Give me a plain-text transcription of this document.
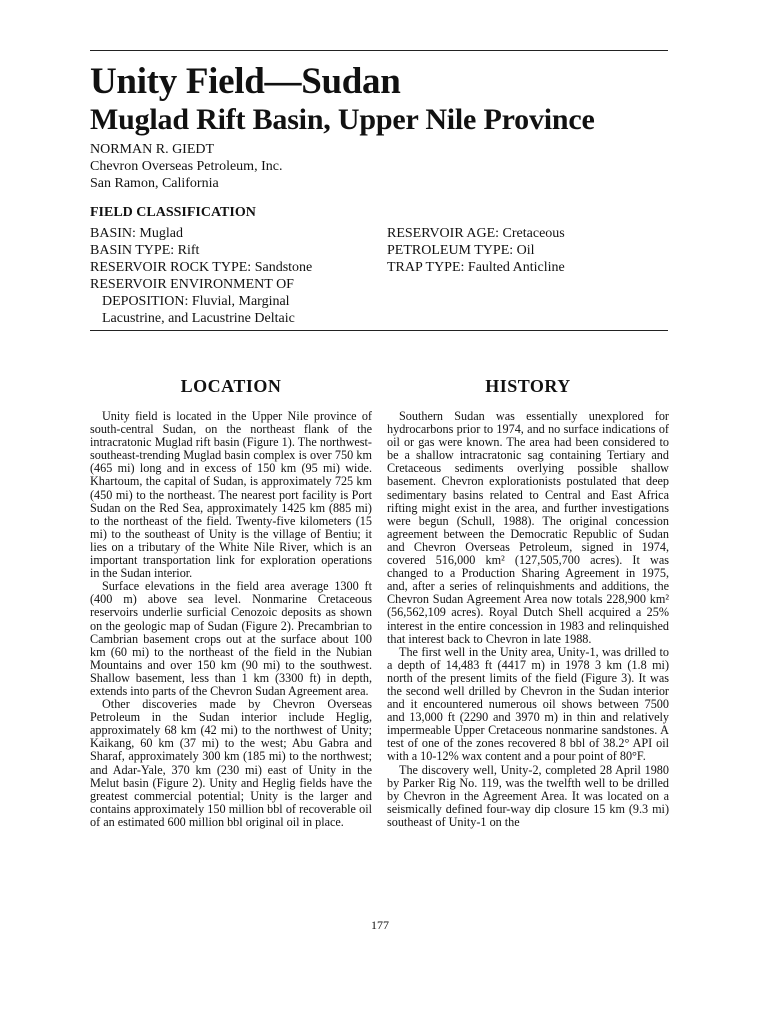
Unity Field—Sudan
Muglad Rift Basin, Upper Nile Province
NORMAN R. GIEDT
Chevron Overseas Petroleum, Inc.
San Ramon, California
FIELD CLASSIFICATION
BASIN: Muglad
BASIN TYPE: Rift
RESERVOIR ROCK TYPE: Sandstone
RESERVOIR ENVIRONMENT OF
DEPOSITION: Fluvial, Marginal
Lacustrine, and Lacustrine Deltaic
RESERVOIR AGE: Cretaceous
PETROLEUM TYPE: Oil
TRAP TYPE: Faulted Anticline
LOCATION	HISTORY

Unity field is located in the Upper Nile province of south-central Sudan, on the northeast flank of the intracratonic Muglad rift basin (Figure 1). The northwest-southeast-trending Muglad basin complex is over 750 km (465 mi) long and in excess of 150 km (95 mi) wide. Khartoum, the capital of Sudan, is approximately 725 km (450 mi) to the northeast. The nearest port facility is Port Sudan on the Red Sea, approximately 1425 km (885 mi) to the northeast of the field. Twenty-five kilometers (15 mi) to the southeast of Unity is the village of Bentiu; it lies on a tributary of the White Nile River, which is an important transportation link for exploration operations in the Sudan interior.

Surface elevations in the field area average 1300 ft (400 m) above sea level. Nonmarine Cretaceous reservoirs underlie surficial Cenozoic deposits as shown on the geologic map of Sudan (Figure 2). Precambrian to Cambrian basement crops out at the surface about 100 km (60 mi) to the northeast of the field in the Nubian Mountains and over 150 km (90 mi) to the southwest. Shallow basement, less than 1 km (3300 ft) in depth, extends into parts of the Chevron Sudan Agreement area.

Other discoveries made by Chevron Overseas Petroleum in the Sudan interior include Heglig, approximately 68 km (42 mi) to the northwest of Unity; Kaikang, 60 km (37 mi) to the west; Abu Gabra and Sharaf, approximately 300 km (185 mi) to the northwest; and Adar-Yale, 370 km (230 mi) east of Unity in the Melut basin (Figure 2). Unity and Heglig fields have the greatest commercial potential; Unity is the larger and contains approximately 150 million bbl of recoverable oil of an estimated 600 million bbl original oil in place.

Southern Sudan was essentially unexplored for hydrocarbons prior to 1974, and no surface indications of oil or gas were known. The area had been considered to be a shallow intracratonic sag containing Tertiary and Cretaceous sediments overlying possible shallow basement. Chevron explorationists postulated that deep sedimentary basins related to Central and East Africa rifting might exist in the area, and further investigations were begun (Schull, 1988). The original concession agreement between the Democratic Republic of Sudan and Chevron Overseas Petroleum, signed in 1974, covered 516,000 km² (127,505,700 acres). It was changed to a Production Sharing Agreement in 1975, and, after a series of relinquishments and additions, the Chevron Sudan Agreement Area now totals 228,900 km² (56,562,109 acres). Royal Dutch Shell acquired a 25% interest in the entire concession in 1983 and relinquished that interest back to Chevron in late 1988.

The first well in the Unity area, Unity-1, was drilled to a depth of 14,483 ft (4417 m) in 1978 3 km (1.8 mi) north of the present limits of the field (Figure 3). It was the second well drilled by Chevron in the Sudan interior and it encountered numerous oil shows between 7500 and 13,000 ft (2290 and 3970 m) in thin and relatively impermeable Upper Cretaceous nonmarine sandstones. A test of one of the zones recovered 8 bbl of 38.2° API oil with a 10-12% wax content and a pour point of 80°F.

The discovery well, Unity-2, completed 28 April 1980 by Parker Rig No. 119, was the twelfth well to be drilled by Chevron in the Agreement Area. It was located on a seismically defined four-way dip closure 15 km (9.3 mi) southeast of Unity-1 on the

177
